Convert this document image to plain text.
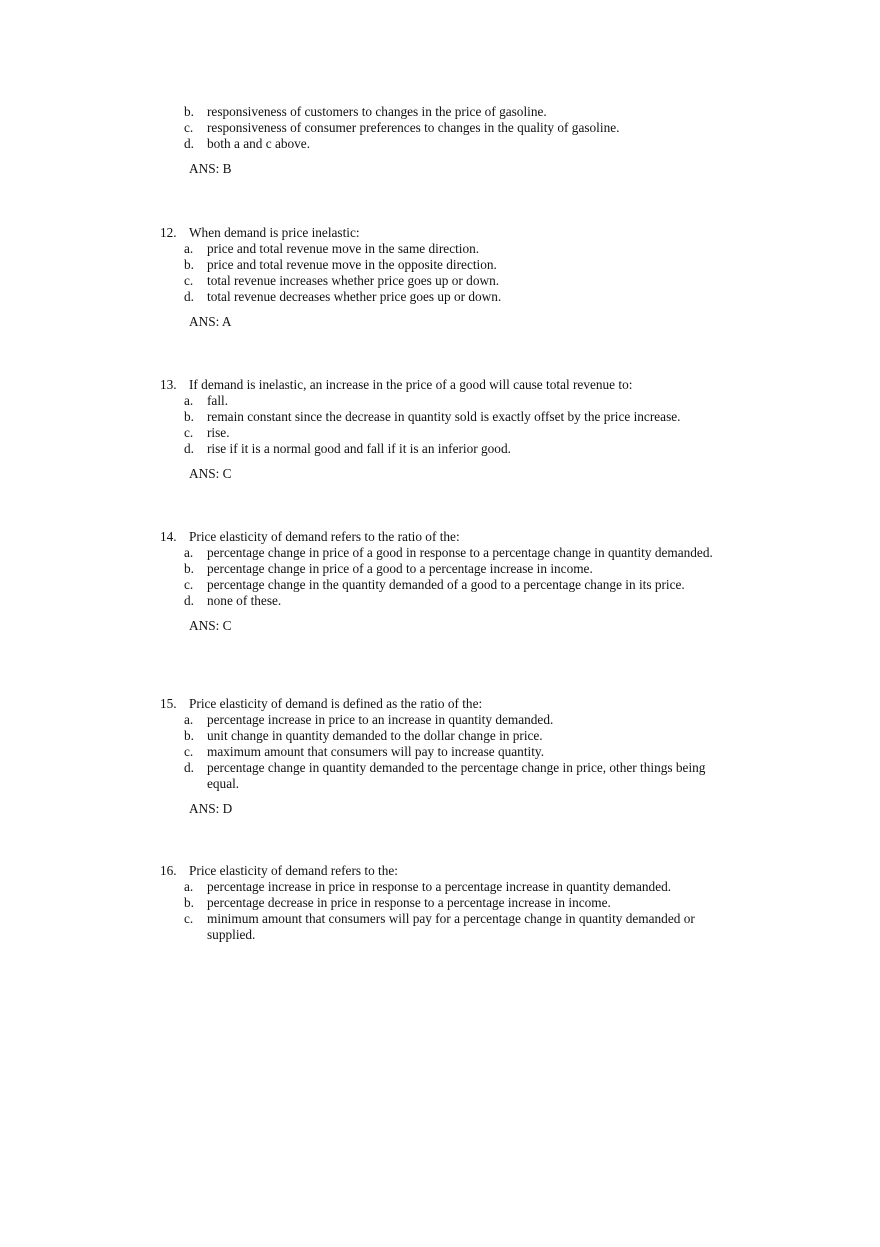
b. responsiveness of customers to changes in the price of gasoline.
c. responsiveness of consumer preferences to changes in the quality of gasoline.
d. both a and c above.
ANS: B
12. When demand is price inelastic:
a. price and total revenue move in the same direction.
b. price and total revenue move in the opposite direction.
c. total revenue increases whether price goes up or down.
d. total revenue decreases whether price goes up or down.
ANS: A
13. If demand is inelastic, an increase in the price of a good will cause total revenue to:
a. fall.
b. remain constant since the decrease in quantity sold is exactly offset by the price increase.
c. rise.
d. rise if it is a normal good and fall if it is an inferior good.
ANS: C
14. Price elasticity of demand refers to the ratio of the:
a. percentage change in price of a good in response to a percentage change in quantity demanded.
b. percentage change in price of a good to a percentage increase in income.
c. percentage change in the quantity demanded of a good to a percentage change in its price.
d. none of these.
ANS: C
15. Price elasticity of demand is defined as the ratio of the:
a. percentage increase in price to an increase in quantity demanded.
b. unit change in quantity demanded to the dollar change in price.
c. maximum amount that consumers will pay to increase quantity.
d. percentage change in quantity demanded to the percentage change in price, other things being equal.
ANS: D
16. Price elasticity of demand refers to the:
a. percentage increase in price in response to a percentage increase in quantity demanded.
b. percentage decrease in price in response to a percentage increase in income.
c. minimum amount that consumers will pay for a percentage change in quantity demanded or supplied.
